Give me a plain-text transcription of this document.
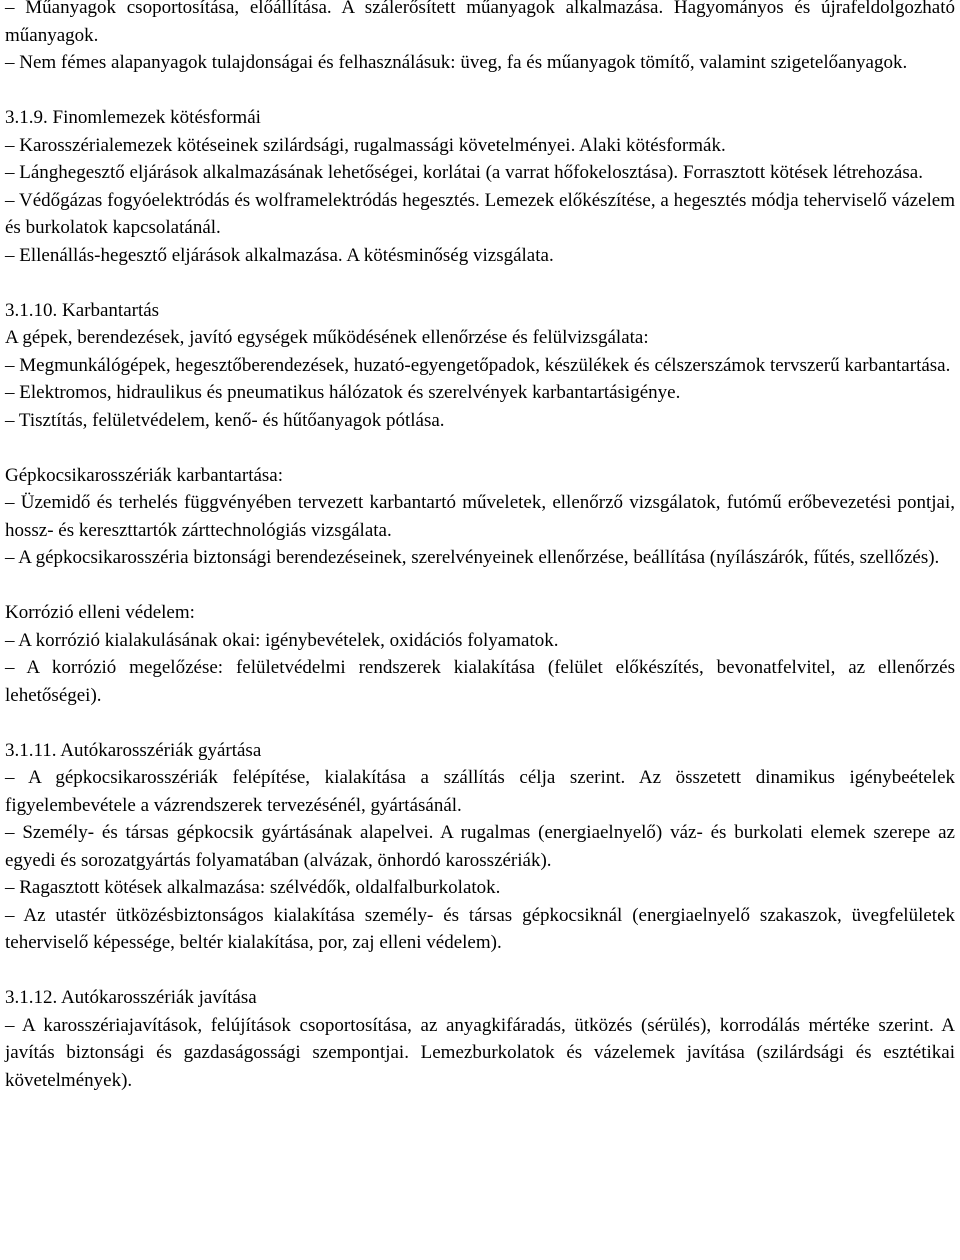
– Műanyagok csoportosítása, előállítása. A szálerősített műanyagok alkalmazása. Hagyományos és újrafeldolgozható műanyagok.

– Nem fémes alapanyagok tulajdonságai és felhasználásuk: üveg, fa és műanyagok tömítő, valamint szigetelőanyagok.

3.1.9. Finomlemezek kötésformái

– Karosszérialemezek kötéseinek szilárdsági, rugalmassági követelményei. Alaki kötésformák.

– Lánghegesztő eljárások alkalmazásának lehetőségei, korlátai (a varrat hőfokelosztása). Forrasztott kötések létrehozása.

– Védőgázas fogyóelektródás és wolframelektródás hegesztés. Lemezek előkészítése, a hegesztés módja teherviselő vázelem és burkolatok kapcsolatánál.

– Ellenállás-hegesztő eljárások alkalmazása. A kötésminőség vizsgálata.

3.1.10. Karbantartás

A gépek, berendezések, javító egységek működésének ellenőrzése és felülvizsgálata:

– Megmunkálógépek, hegesztőberendezések, huzató-egyengetőpadok, készülékek és célszerszámok tervszerű karbantartása.

– Elektromos, hidraulikus és pneumatikus hálózatok és szerelvények karbantartásigénye.

– Tisztítás, felületvédelem, kenő- és hűtőanyagok pótlása.

Gépkocsikarosszériák karbantartása:

– Üzemidő és terhelés függvényében tervezett karbantartó műveletek, ellenőrző vizsgálatok, futómű erőbevezetési pontjai, hossz- és kereszttartók zárttechnológiás vizsgálata.

– A gépkocsikarosszéria biztonsági berendezéseinek, szerelvényeinek ellenőrzése, beállítása (nyílászárók, fűtés, szellőzés).

Korrózió elleni védelem:

– A korrózió kialakulásának okai: igénybevételek, oxidációs folyamatok.

– A korrózió megelőzése: felületvédelmi rendszerek kialakítása (felület előkészítés, bevonatfelvitel, az ellenőrzés lehetőségei).

3.1.11. Autókarosszériák gyártása

– A gépkocsikarosszériák felépítése, kialakítása a szállítás célja szerint. Az összetett dinamikus igénybeételek figyelembevétele a vázrendszerek tervezésénél, gyártásánál.

– Személy- és társas gépkocsik gyártásának alapelvei. A rugalmas (energiaelnyelő) váz- és burkolati elemek szerepe az egyedi és sorozatgyártás folyamatában (alvázak, önhordó karosszériák).

– Ragasztott kötések alkalmazása: szélvédők, oldalfalburkolatok.

– Az utastér ütközésbiztonságos kialakítása személy- és társas gépkocsiknál (energiaelnyelő szakaszok, üvegfelületek teherviselő képessége, beltér kialakítása, por, zaj elleni védelem).

3.1.12. Autókarosszériák javítása

– A karosszériajavítások, felújítások csoportosítása, az anyagkifáradás, ütközés (sérülés), korrodálás mértéke szerint. A javítás biztonsági és gazdaságossági szempontjai. Lemezburkolatok és vázelemek javítása (szilárdsági és esztétikai követelmények).
